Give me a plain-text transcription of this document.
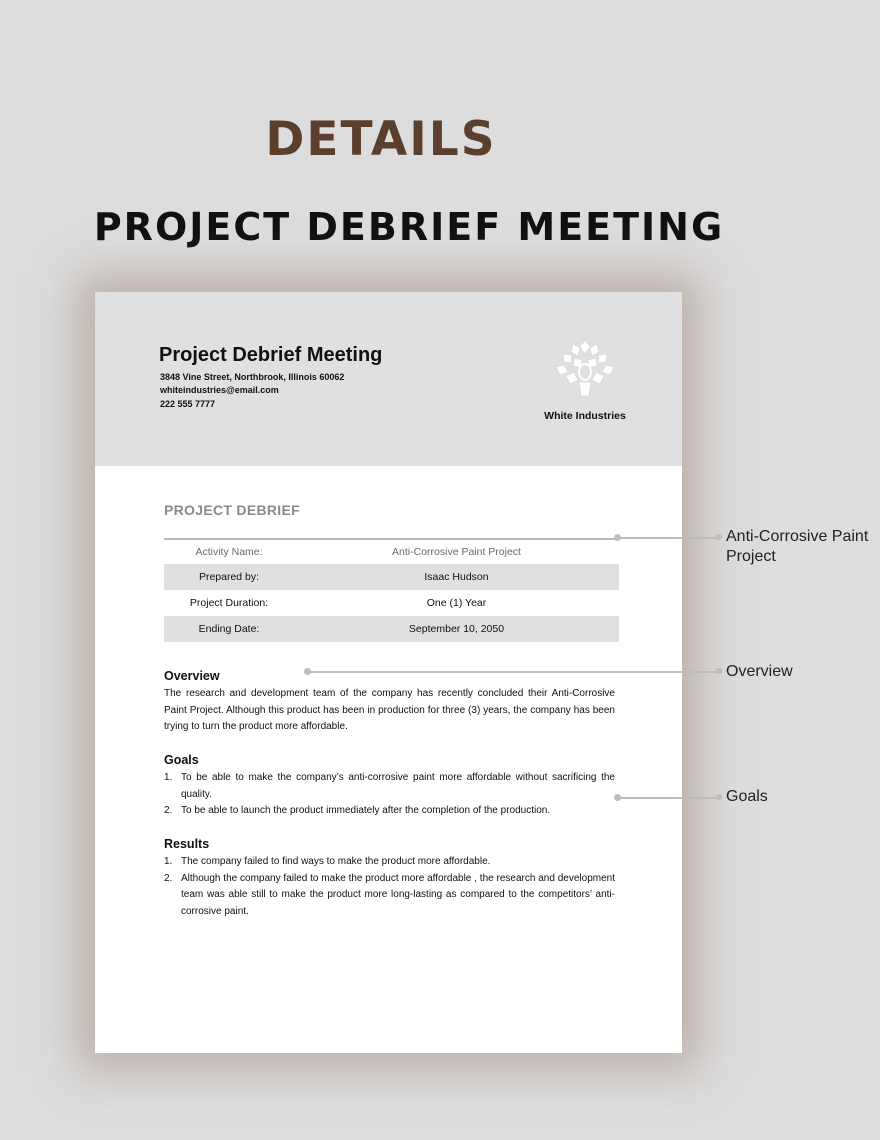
DETAILS
PROJECT DEBRIEF MEETING
Project Debrief Meeting
3848 Vine Street, Northbrook, Illinois 60062
whiteindustries@email.com
222 555 7777
White Industries
PROJECT DEBRIEF
Activity Name:	Anti-Corrosive Paint Project
Prepared by:	Isaac Hudson
Project Duration:	One (1) Year
Ending Date:	September 10, 2050
Overview

The research and development team of the company has recently concluded their Anti-Corrosive Paint Project. Although this product has been in production for three (3) years, the company has been trying to turn the product more affordable.

Goals
1. To be able to make the company’s anti-corrosive paint more affordable without sacrificing the quality.
2. To be able to launch the product immediately after the completion of the production.
Results
1. The company failed to find ways to make the product more affordable.
2. Although the company failed to make the product more affordable , the research and development team was able still to make the product more long-lasting as compared to the competitors’ anti-corrosive paint.
Anti-Corrosive Paint Project
Overview
Goals
